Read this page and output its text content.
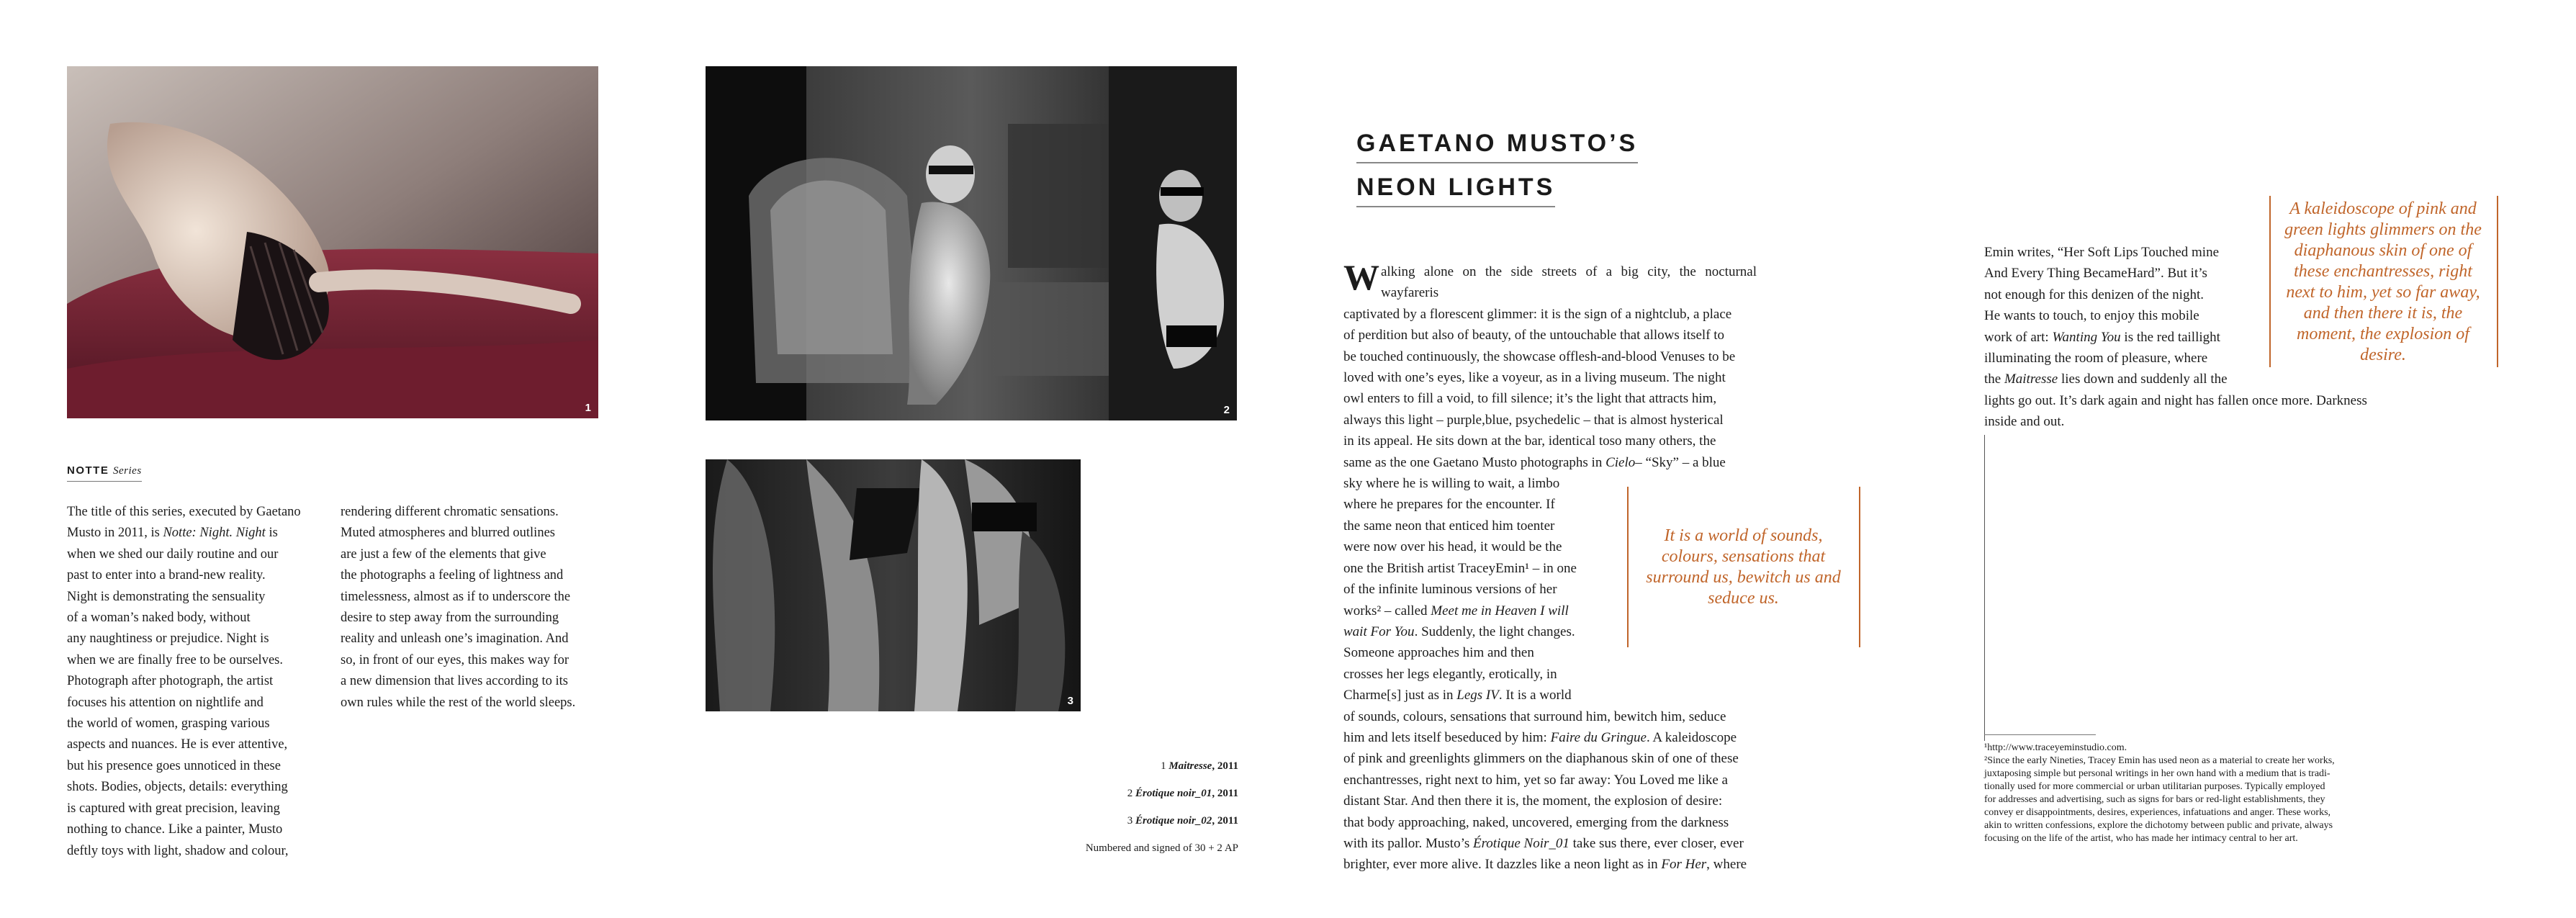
1	2
3
NOTTE Series

The title of this series, executed by Gaetano

Musto in 2011, is Notte: Night. Night is

when we shed our daily routine and our

past to enter into a brand-new reality.

Night is demonstrating the sensuality

of a woman’s naked body, without

any naughtiness or prejudice. Night is

when we are finally free to be ourselves.

Photograph after photograph, the artist

focuses his attention on nightlife and

the world of women, grasping various

aspects and nuances. He is ever attentive,

but his presence goes unnoticed in these

shots. Bodies, objects, details: everything

is captured with great precision, leaving

nothing to chance. Like a painter, Musto

deftly toys with light, shadow and colour,

rendering different chromatic sensations.

Muted atmospheres and blurred outlines

are just a few of the elements that give

the photographs a feeling of lightness and

timelessness, almost as if to underscore the

desire to step away from the surrounding

reality and unleash one’s imagination. And

so, in front of our eyes, this makes way for

a new dimension that lives according to its

own rules while the rest of the world sleeps.

1 Maitresse, 2011
2 Érotique noir_01, 2011
3 Érotique noir_02, 2011
Numbered and signed of 30 + 2 AP
GAETANO MUSTO’S
NEON LIGHTS

Walking alone on the side streets of a big city, the nocturnal wayfareris

captivated by a florescent glimmer: it is the sign of a nightclub, a place

of perdition but also of beauty, of the untouchable that allows itself to

be touched continuously, the showcase offlesh-and-blood Venuses to be

loved with one’s eyes, like a voyeur, as in a living museum. The night

owl enters to fill a void, to fill silence; it’s the light that attracts him,

always this light – purple,blue, psychedelic – that is almost hysterical

in its appeal. He sits down at the bar, identical toso many others, the

same as the one Gaetano Musto photographs in Cielo– “Sky” – a blue

sky where he is willing to wait, a limbo

where he prepares for the encounter. If

the same neon that enticed him toenter

were now over his head, it would be the

one the British artist TraceyEmin¹ – in one

of the infinite luminous versions of her

works² – called Meet me in Heaven I will

wait For You. Suddenly, the light changes.

Someone approaches him and then

crosses her legs elegantly, erotically, in

Charme[s] just as in Legs IV. It is a world

of sounds, colours, sensations that surround him, bewitch him, seduce

him and lets itself beseduced by him: Faire du Gringue. A kaleidoscope

of pink and greenlights glimmers on the diaphanous skin of one of these

enchantresses, right next to him, yet so far away: You Loved me like a

distant Star. And then there it is, the moment, the explosion of desire:

that body approaching, naked, uncovered, emerging from the darkness

with its pallor. Musto’s Érotique Noir_01 take sus there, ever closer, ever

brighter, ever more alive. It dazzles like a neon light as in For Her, where

It is a world of sounds, colours, sensations that surround us, bewitch us and seduce us.

Emin writes, “Her Soft Lips Touched mine

And Every Thing BecameHard”. But it’s

not enough for this denizen of the night.

He wants to touch, to enjoy this mobile

work of art: Wanting You is the red taillight

illuminating the room of pleasure, where

the Maitresse lies down and suddenly all the

lights go out. It’s dark again and night has fallen once more. Darkness

inside and out.

A kaleidoscope of pink and green lights glimmers on the diaphanous skin of one of these enchantresses, right next to him, yet so far away, and then there it is, the moment, the explosion of desire.

¹http://www.traceyeminstudio.com.

²Since the early Nineties, Tracey Emin has used neon as a material to create her works,

juxtaposing simple but personal writings in her own hand with a medium that is tradi-

tionally used for more commercial or urban utilitarian purposes. Typically employed

for addresses and advertising, such as signs for bars or red-light establishments, they

convey er disappointments, desires, experiences, infatuations and anger. These works,

akin to written confessions, explore the dichotomy between public and private, always

focusing on the life of the artist, who has made her intimacy central to her art.
